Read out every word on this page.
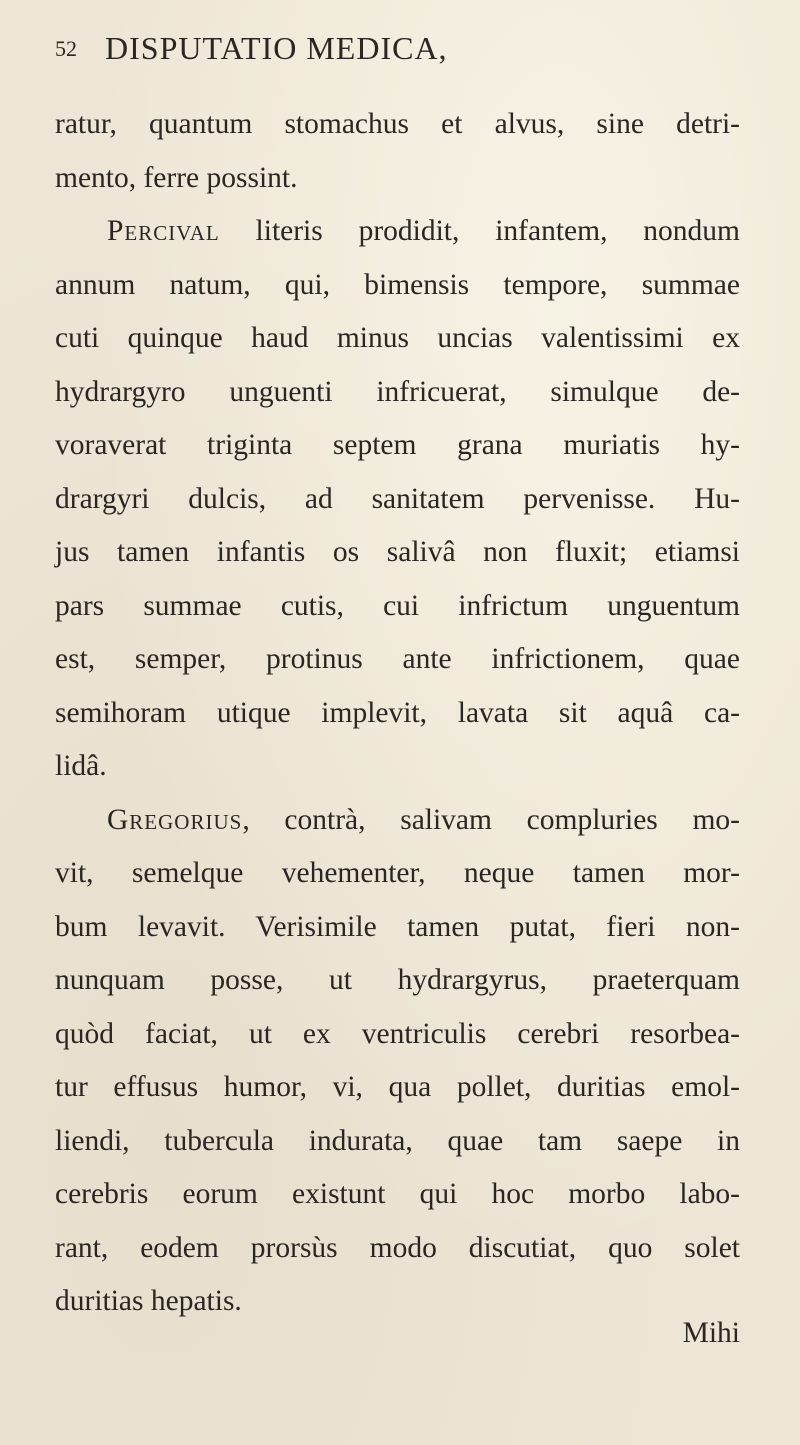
52 DISPUTATIO MEDICA,
ratur, quantum stomachus et alvus, sine detri-
mento, ferre possint.
Percival literis prodidit, infantem, nondum
annum natum, qui, bimensis tempore, summae
cuti quinque haud minus uncias valentissimi ex
hydrargyro unguenti infricuerat, simulque de-
voraverat triginta septem grana muriatis hy-
drargyri dulcis, ad sanitatem pervenisse. Hu-
jus tamen infantis os salivâ non fluxit; etiamsi
pars summae cutis, cui infrictum unguentum
est, semper, protinus ante infrictionem, quae
semihoram utique implevit, lavata sit aquâ ca-
lidâ.
Gregorius, contrà, salivam compluries mo-
vit, semelque vehementer, neque tamen mor-
bum levavit. Verisimile tamen putat, fieri non-
nunquam posse, ut hydrargyrus, praeterquam
quòd faciat, ut ex ventriculis cerebri resorbea-
tur effusus humor, vi, qua pollet, duritias emol-
liendi, tubercula indurata, quae tam saepe in
cerebris eorum existunt qui hoc morbo labo-
rant, eodem prorsùs modo discutiat, quo solet
duritias hepatis.
Mihi
